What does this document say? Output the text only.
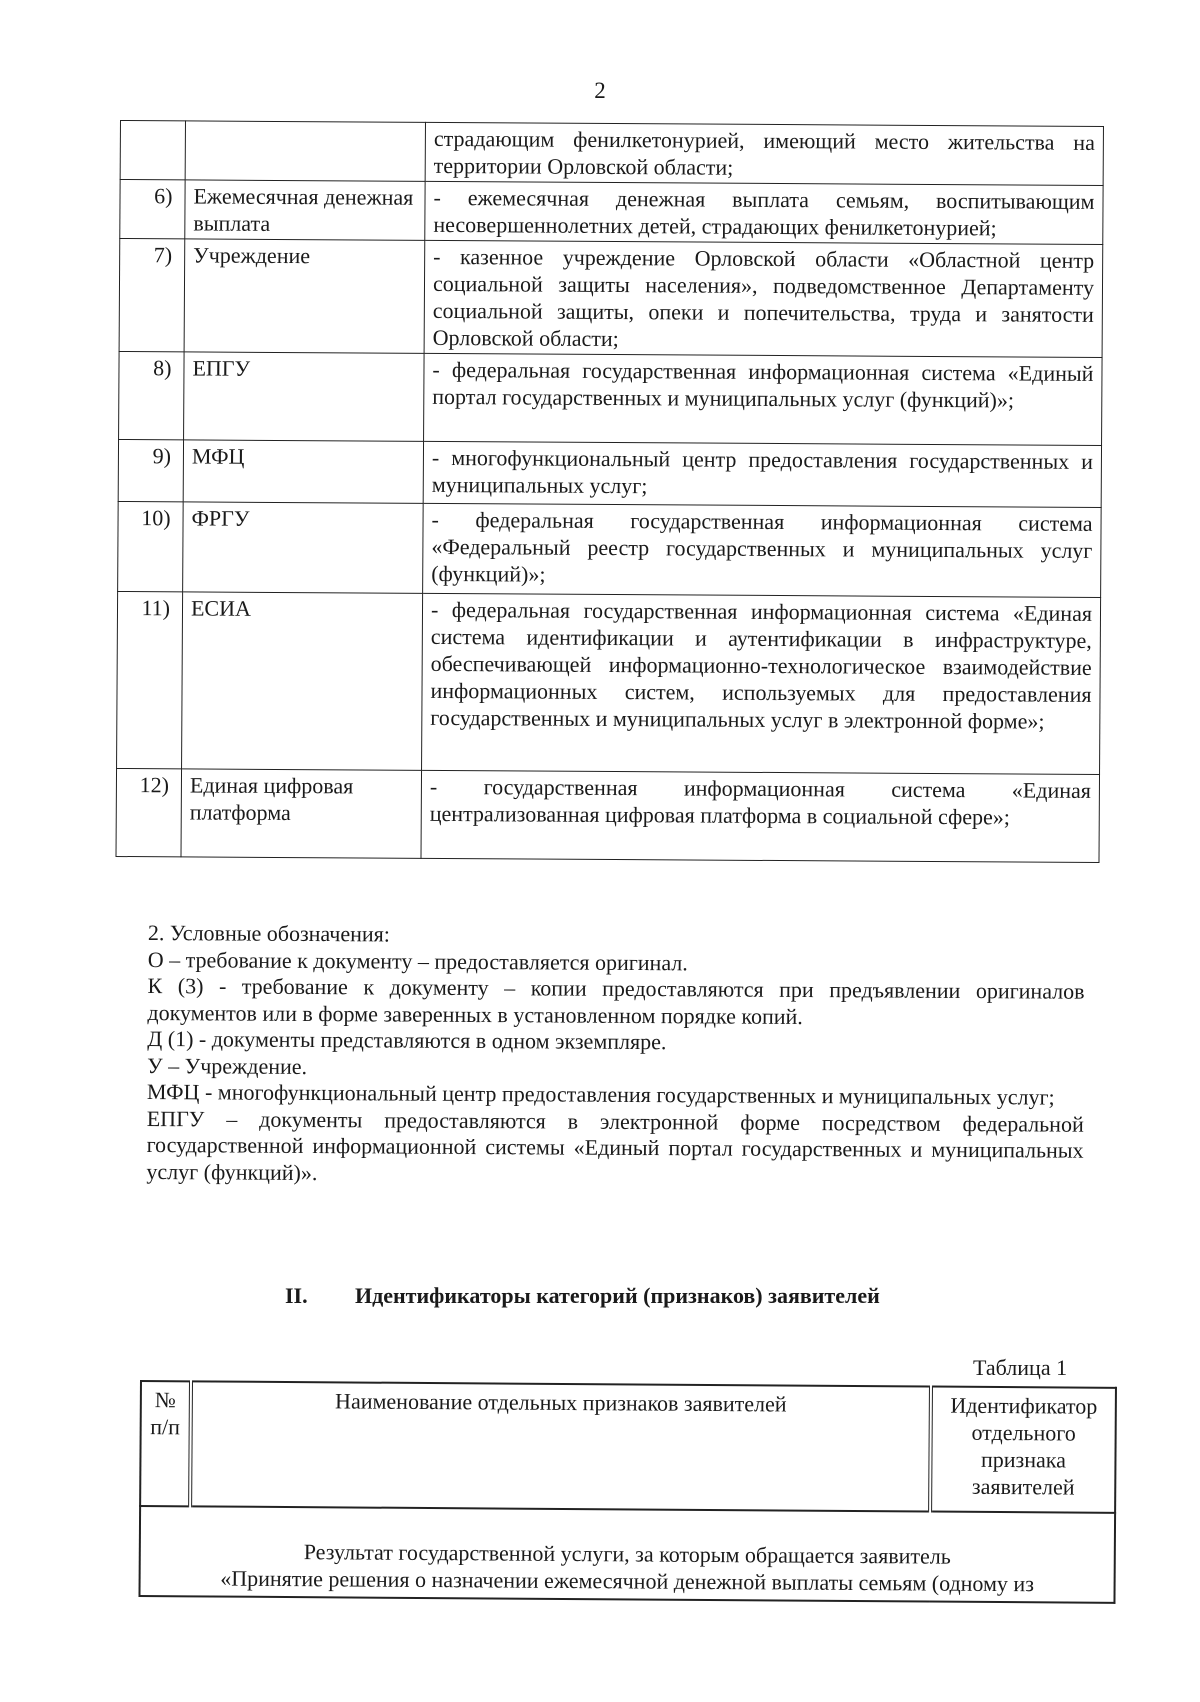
2
		страдающим фенилкетонурией, имеющий место жительства на территории Орловской области;
6)	Ежемесячная денежная выплата	- ежемесячная денежная выплата семьям, воспитывающим несовершеннолетних детей, страдающих фенилкетонурией;
7)	Учреждение	- казенное учреждение Орловской области «Областной центр социальной защиты населения», подведомственное Департаменту социальной защиты, опеки и попечительства, труда и занятости Орловской области;
8)	ЕПГУ	- федеральная государственная информационная система «Единый портал государственных и муниципальных услуг (функций)»;
9)	МФЦ	- многофункциональный центр предоставления государственных и муниципальных услуг;
10)	ФРГУ	- федеральная государственная информационная система «Федеральный реестр государственных и муниципальных услуг (функций)»;
11)	ЕСИА	- федеральная государственная информационная система «Единая система идентификации и аутентификации в инфраструктуре, обеспечивающей информационно-технологическое взаимодействие информационных систем, используемых для предоставления государственных и муниципальных услуг в электронной форме»;
12)	Единая цифровая платформа	- государственная информационная система «Единая централизованная цифровая платформа в социальной сфере»;

2. Условные обозначения:

О – требование к документу – предоставляется оригинал.

К (3) - требование к документу – копии предоставляются при предъявлении оригиналов документов или в форме заверенных в установленном порядке копий.

Д (1) - документы представляются в одном экземпляре.

У – Учреждение.

МФЦ - многофункциональный центр предоставления государственных и муниципальных услуг;

ЕПГУ – документы предоставляются в электронной форме посредством федеральной государственной информационной системы «Единый портал государственных и муниципальных услуг (функций)».

II. Идентификаторы категорий (признаков) заявителей
Таблица 1
№ п/п	Наименование отдельных признаков заявителей	Идентификатор отдельного признака заявителей

Результат государственной услуги, за которым обращается заявитель
«Принятие решения о назначении ежемесячной денежной выплаты семьям (одному из
